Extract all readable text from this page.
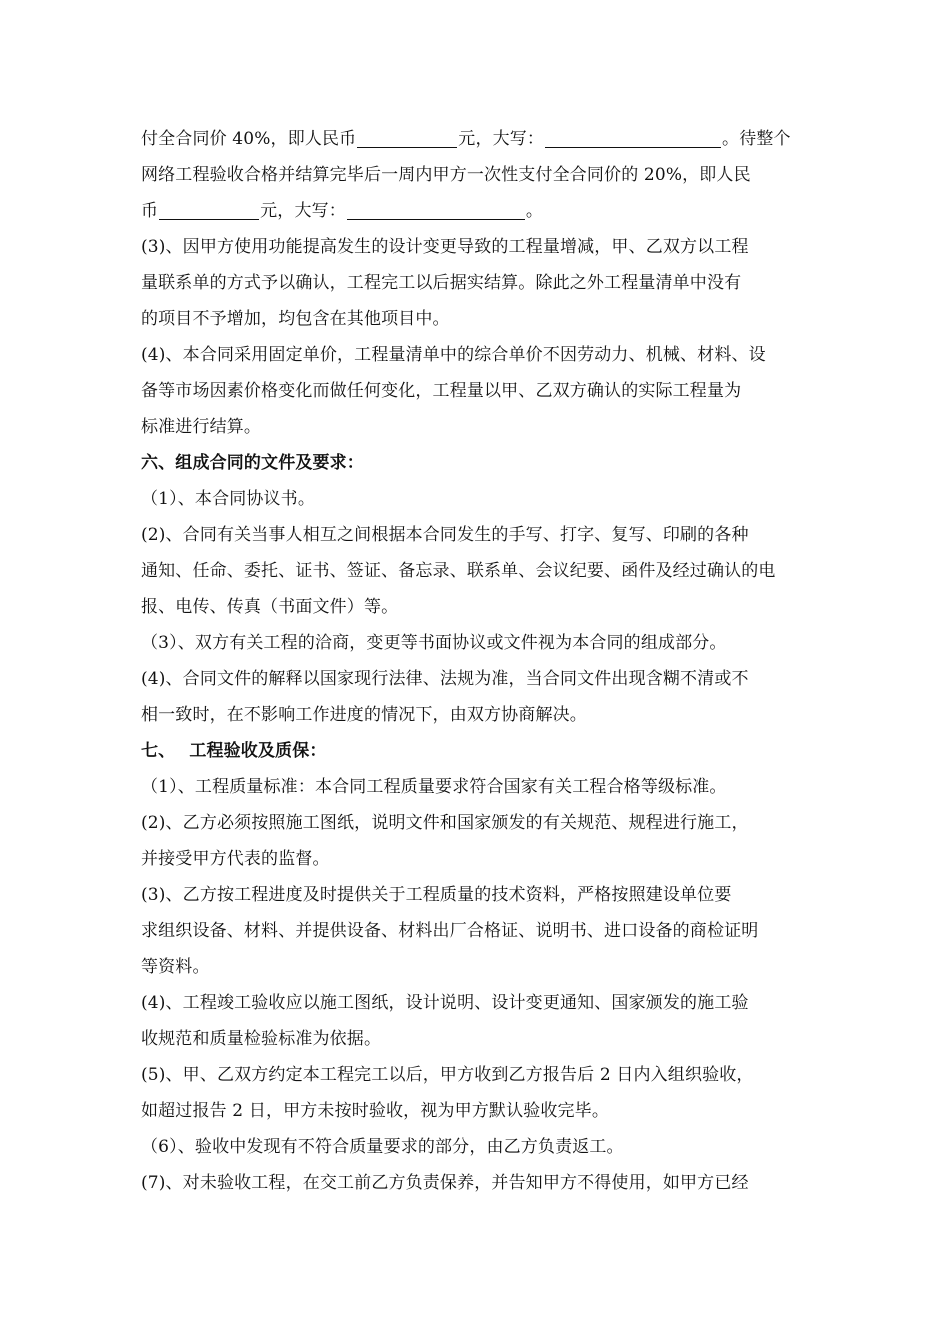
付全合同价 40%，即人民币	元，大写：	。待整个
网络工程验收合格并结算完毕后一周内甲方一次性支付全合同价的 20%，即人民
币	元，大写：	。
(3)、因甲方使用功能提高发生的设计变更导致的工程量增减，甲、乙双方以工程
量联系单的方式予以确认，工程完工以后据实结算。除此之外工程量清单中没有
的项目不予增加，均包含在其他项目中。
(4)、本合同采用固定单价，工程量清单中的综合单价不因劳动力、机械、材料、设
备等市场因素价格变化而做任何变化，工程量以甲、乙双方确认的实际工程量为
标准进行结算。
六、组成合同的文件及要求：
（1）、本合同协议书。
(2)、合同有关当事人相互之间根据本合同发生的手写、打字、复写、印刷的各种
通知、任命、委托、证书、签证、备忘录、联系单、会议纪要、函件及经过确认的电
报、电传、传真（书面文件）等。
（3）、双方有关工程的洽商，变更等书面协议或文件视为本合同的组成部分。
(4)、合同文件的解释以国家现行法律、法规为准，当合同文件出现含糊不清或不
相一致时，在不影响工作进度的情况下，由双方协商解决。
七、 工程验收及质保：
（1）、工程质量标准：本合同工程质量要求符合国家有关工程合格等级标准。
(2)、乙方必须按照施工图纸，说明文件和国家颁发的有关规范、规程进行施工，
并接受甲方代表的监督。
(3)、乙方按工程进度及时提供关于工程质量的技术资料，严格按照建设单位要
求组织设备、材料、并提供设备、材料出厂合格证、说明书、进口设备的商检证明
等资料。
(4)、工程竣工验收应以施工图纸，设计说明、设计变更通知、国家颁发的施工验
收规范和质量检验标准为依据。
(5)、甲、乙双方约定本工程完工以后，甲方收到乙方报告后 2 日内入组织验收，
如超过报告 2 日，甲方未按时验收，视为甲方默认验收完毕。
（6）、验收中发现有不符合质量要求的部分，由乙方负责返工。
(7)、对未验收工程，在交工前乙方负责保养，并告知甲方不得使用，如甲方已经
